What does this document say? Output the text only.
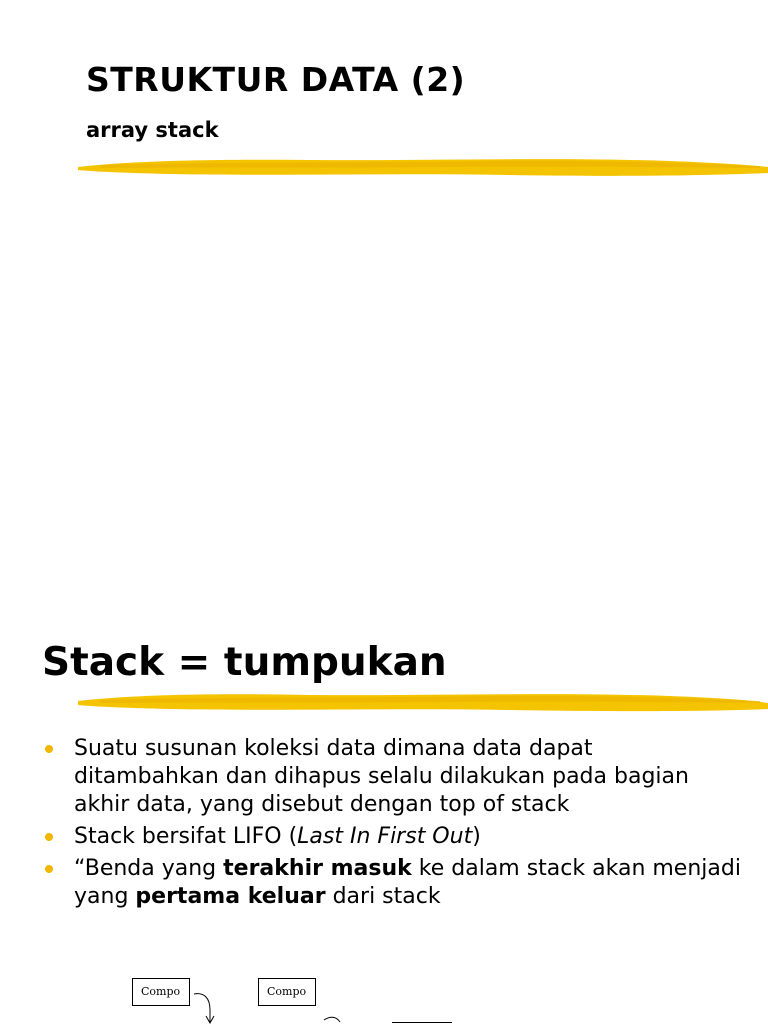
STRUKTUR DATA (2)
array stack
Stack = tumpukan
Suatu susunan koleksi data dimana data dapat ditambahkan dan dihapus selalu dilakukan pada bagian akhir data, yang disebut dengan top of stack
Stack bersifat LIFO (Last In First Out)
“Benda yang terakhir masuk ke dalam stack akan menjadi yang pertama keluar dari stack
Compo	Compo
